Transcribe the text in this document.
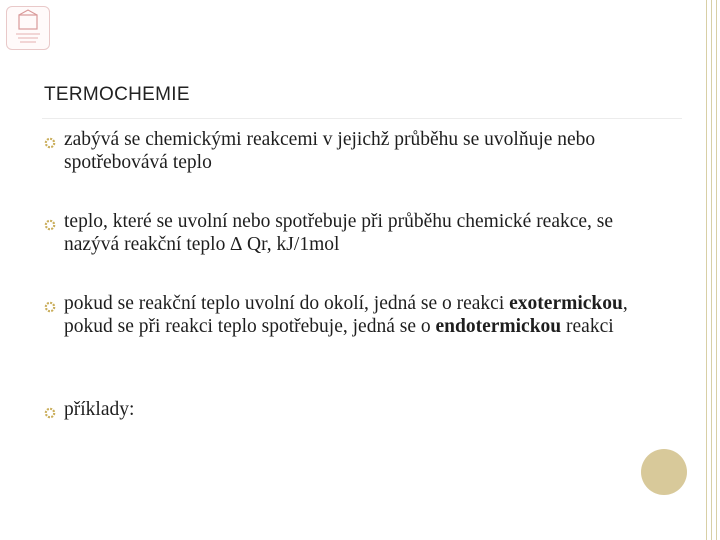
TERMOCHEMIE
zabývá se chemickými reakcemi v jejichž průběhu se uvolňuje nebo spotřebovává teplo
teplo, které se uvolní nebo spotřebuje při průběhu chemické reakce, se nazývá reakční teplo ∆ Qr, kJ/1mol
pokud se reakční teplo uvolní do okolí, jedná se o reakci exotermickou, pokud se při reakci teplo spotřebuje, jedná se o endotermickou reakci
příklady:
